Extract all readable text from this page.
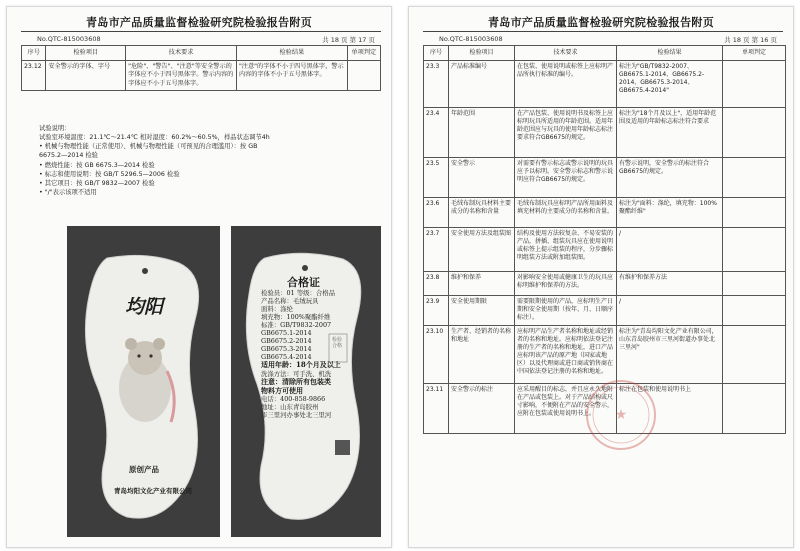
青岛市产品质量监督检验研究院检验报告附页
No.QTC-815003608	共 18 页 第 17 页
序号	检验项目	技术要求	检验结果	单项判定
23.12	安全警示的字体、字号	"危险"、"警告"、"注意"等安全警示的字体应不小于四号黑体字。警示内容的字体应不小于五号黑体字。	"注意"的字体不小于四号黑体字，警示内容的字体不小于五号黑体字。	
试验说明：
试验室环境温度：21.1℃～21.4℃ 相对湿度：60.2%～60.5%，样品状态调节4h
• 机械与物理性能（正常使用）、机械与物理性能（可预见的合理滥用）：按 GB
6675.2—2014 检验
• 燃烧性能：按 GB 6675.3—2014 检验
• 标志和使用说明：按 GB/T 5296.5—2006 检验
• 其它项目：按 GB/T 9832—2007 检验
• "/"表示该项不适用
均阳
原创产品
青岛均阳文化产业有限公司
合格证
检验员：01 等级：合格品
产品名称：毛绒玩具
面料：涤纶
填充物：100%聚酯纤维
标准：GB/T9832-2007
GB6675.1-2014
GB6675.2-2014
GB6675.3-2014
GB6675.4-2014
适用年龄：18个月及以上
洗涤方法：可手洗、机洗
注意：清除所有包装类
物料方可使用
电话：400-858-9866
地址：山东青岛胶州
市三里河办事处北三里河
检验合格
青岛市产品质量监督检验研究院检验报告附页
No.QTC-815003608	共 18 页 第 16 页
序号	检验项目	技术要求	检验结果	单项判定
23.3	产品标准编号	在包装、使用说明或标签上应标明产品所执行标准的编号。	标注为"GB/T9832-2007、GB6675.1-2014、GB6675.2-2014、GB6675.3-2014、GB6675.4-2014"	
23.4	年龄范围	在产品包装、使用说明书及标签上应标明玩具所适用的年龄范围。适用年龄范围应与玩具的使用年龄标志标注要求符合GB6675的规定。	标注为"18个月及以上"，适用年龄范围及适用的年龄标志标注符合要求	
23.5	安全警示	对需要有警示标志或警示说明的玩具应予以标明。安全警示标志和警示说明应符合GB6675的规定。	有警示说明，安全警示的标注符合GB6675的规定。	
23.6	毛绒布制玩具材料主要成分的名称和含量	毛绒布制玩具应标明产品所用面料及填充材料的主要成分的名称和含量。	标注为"面料：涤纶，填充物：100%聚酯纤维"	
23.7	安全使用方法及组装图	结构及使用方法较复杂、不易安装的产品，拼插、组装玩具应在使用说明或标签上提示组装的程序，分步骤标明组装方法或附加组装图。	/	
23.8	维护和保养	对影响安全使用或健康卫生的玩具应标明维护和保养的方法。	有维护和保养方法	
23.9	安全使用期限	需要限期使用的产品，应标明生产日期和安全使用期（按年、月、日顺序标注）。	/	
23.10	生产者、经销者的名称和地址	应标明产品生产者名称和地址或经销者的名称和地址。应标明依法登记注册的生产者的名称和地址，进口产品应标明该产品的原产地（国家或地区）以及代理商或进口商或销售商在中国依法登记注册的名称和地址。	标注为"青岛均阳文化产业有限公司，山东青岛胶州市三里河街道办事处北三里河"	
23.11	安全警示的标注	应采用醒目的标志，并且应永久地附在产品或包装上。对于产品结构或尺寸影响，不便附在产品的安全警示，应附在包装或使用说明书上。	标注在包装和使用说明书上	
★
